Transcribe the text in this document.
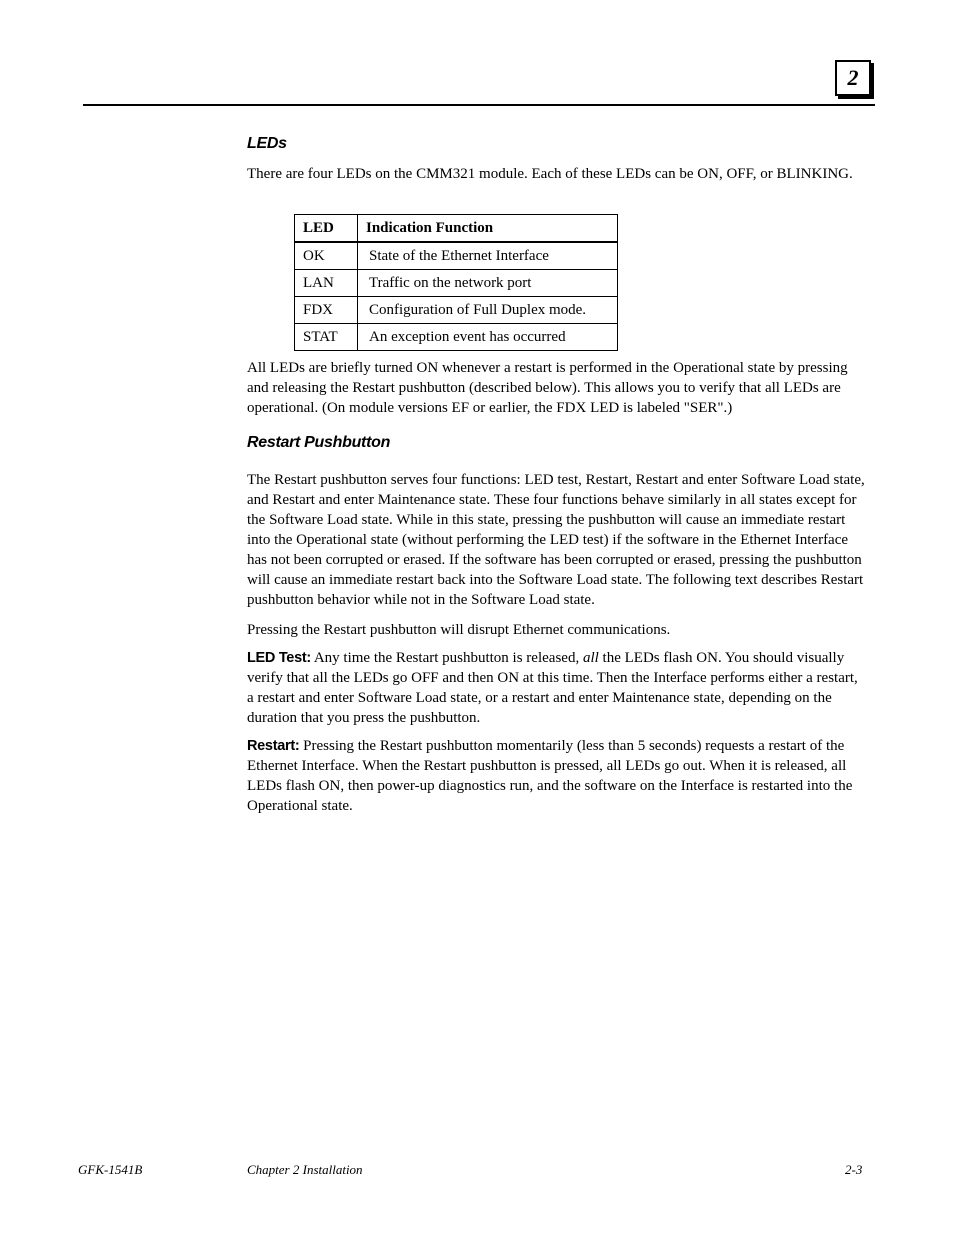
2
LEDs

There are four LEDs on the CMM321 module. Each of these LEDs can be ON, OFF, or BLINKING.

LED	Indication Function
OK	State of the Ethernet Interface
LAN	Traffic on the network port
FDX	Configuration of Full Duplex mode.
STAT	An exception event has occurred

All LEDs are briefly turned ON whenever a restart is performed in the Operational state by pressing and releasing the Restart pushbutton (described below). This allows you to verify that all LEDs are operational. (On module versions EF or earlier, the FDX LED is labeled "SER".)

Restart Pushbutton

The Restart pushbutton serves four functions: LED test, Restart, Restart and enter Software Load state, and Restart and enter Maintenance state. These four functions behave similarly in all states except for the Software Load state. While in this state, pressing the pushbutton will cause an immediate restart into the Operational state (without performing the LED test) if the software in the Ethernet Interface has not been corrupted or erased. If the software has been corrupted or erased, pressing the pushbutton will cause an immediate restart back into the Software Load state. The following text describes Restart pushbutton behavior while not in the Software Load state.

Pressing the Restart pushbutton will disrupt Ethernet communications.

LED Test: Any time the Restart pushbutton is released, all the LEDs flash ON. You should visually verify that all the LEDs go OFF and then ON at this time. Then the Interface performs either a restart, a restart and enter Software Load state, or a restart and enter Maintenance state, depending on the duration that you press the pushbutton.

Restart: Pressing the Restart pushbutton momentarily (less than 5 seconds) requests a restart of the Ethernet Interface. When the Restart pushbutton is pressed, all LEDs go out. When it is released, all LEDs flash ON, then power-up diagnostics run, and the software on the Interface is restarted into the Operational state.

GFK-1541B	Chapter 2 Installation	2-3
